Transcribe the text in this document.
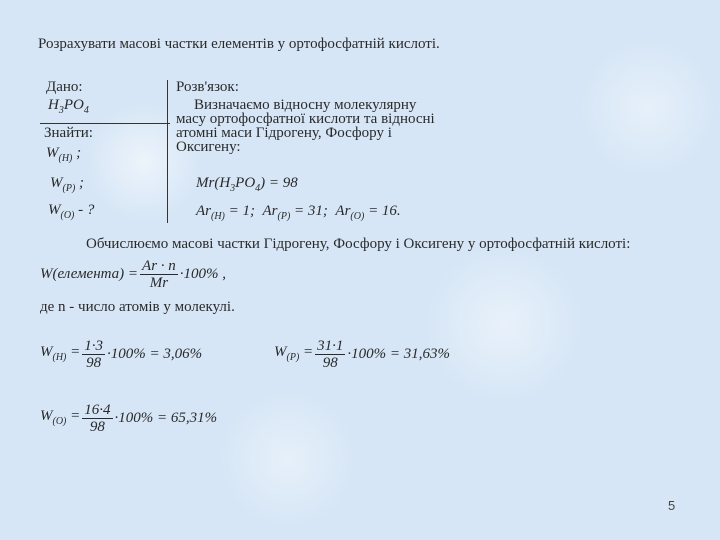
Розрахувати масові частки елементів у ортофосфатній кислоті.
Дано:
$H_3PO_4$
Знайти:
$W_{(H)}$ ;
$W_{(P)}$ ;
$W_{(O)}$ - ?
Розв'язок:
Визначаємо відносну молекулярну
масу ортофосфатної кислоти та відносні
атомні маси Гідрогену, Фосфору і
Оксигену:
$Mr(H_3PO_4) = 98$
$Ar_{(H)} = 1$;  $Ar_{(P)} = 31$;  $Ar_{(O)} = 16$.
Обчислюємо масові частки Гідрогену, Фосфору і Оксигену у ортофосфатній кислоті:
W(елемента) = $\frac{Ar \cdot n}{Mr} \cdot 100\%$ ,
де n - число атомів у молекулі.
$W_{(H)} = \frac{1\cdot 3}{98} \cdot 100\% = 3,06\%$	$W_{(P)} = \frac{31\cdot 1}{98} \cdot 100\% = 31,63\%$
$W_{(O)} = \frac{16\cdot 4}{98} \cdot 100\% = 65,31\%$
5
